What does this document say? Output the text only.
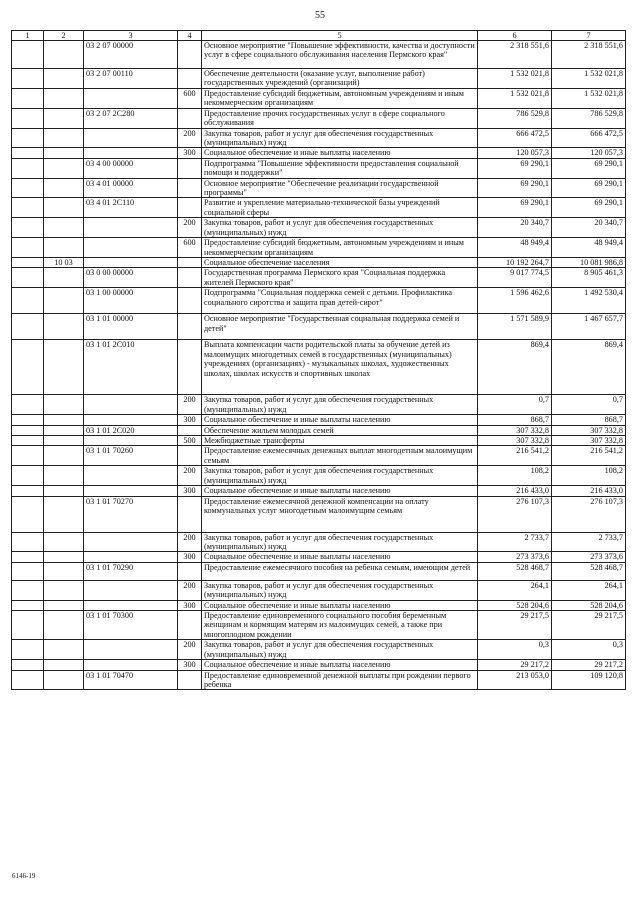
55
1	2	3	4	5	6	7
		03 2 07 00000		Основное мероприятие "Повышение эффективности, качества и доступности услуг в сфере социального обслуживания населения Пермского края"	2 318 551,6	2 318 551,6
		03 2 07 00110		Обеспечение деятельности (оказание услуг, выполнение работ) государственных учреждений (организаций)	1 532 021,8	1 532 021,8
			600	Предоставление субсидий бюджетным, автономным учреждениям и иным некоммерческим организациям	1 532 021,8	1 532 021,8
		03 2 07 2С280		Предоставление прочих государственных услуг в сфере социального обслуживания	786 529,8	786 529,8
			200	Закупка товаров, работ и услуг для обеспечения государственных (муниципальных) нужд	666 472,5	666 472,5
			300	Социальное обеспечение и иные выплаты населению	120 057,3	120 057,3
		03 4 00 00000		Подпрограмма "Повышение эффективности предоставления социальной помощи и поддержки"	69 290,1	69 290,1
		03 4 01 00000		Основное мероприятие "Обеспечение реализации государственной программы"	69 290,1	69 290,1
		03 4 01 2С110		Развитие и укрепление материально-технической базы учреждений социальной сферы	69 290,1	69 290,1
			200	Закупка товаров, работ и услуг для обеспечения государственных (муниципальных) нужд	20 340,7	20 340,7
			600	Предоставление субсидий бюджетным, автономным учреждениям и иным некоммерческим организациям	48 949,4	48 949,4
	10 03			Социальное обеспечение населения	10 192 264,7	10 081 986,8
		03 0 00 00000		Государственная программа Пермского края "Социальная поддержка жителей Пермского края"	9 017 774,5	8 905 461,3
		03 1 00 00000		Подпрограмма "Социальная поддержка семей с детьми. Профилактика социального сиротства и защита прав детей-сирот"	1 596 462,6	1 492 530,4
		03 1 01 00000		Основное мероприятие "Государственная социальная поддержка семей и детей"	1 571 589,9	1 467 657,7
		03 1 01 2С010		Выплата компенсации части родительской платы за обучение детей из малоимущих многодетных семей в государственных (муниципальных) учреждениях (организациях) - музыкальных школах, художественных школах, школах искусств и спортивных школах	869,4	869,4
			200	Закупка товаров, работ и услуг для обеспечения государственных (муниципальных) нужд	0,7	0,7
			300	Социальное обеспечение и иные выплаты населению	868,7	868,7
		03 1 01 2С020		Обеспечение жильем молодых семей	307 332,8	307 332,8
			500	Межбюджетные трансферты	307 332,8	307 332,8
		03 1 01 70260		Предоставление ежемесячных денежных выплат многодетным малоимущим семьям	216 541,2	216 541,2
			200	Закупка товаров, работ и услуг для обеспечения государственных (муниципальных) нужд	108,2	108,2
			300	Социальное обеспечение и иные выплаты населению	216 433,0	216 433,0
		03 1 01 70270		Предоставление ежемесячной денежной компенсации на оплату коммунальных услуг многодетным малоимущим семьям	276 107,3	276 107,3
			200	Закупка товаров, работ и услуг для обеспечения государственных (муниципальных) нужд	2 733,7	2 733,7
			300	Социальное обеспечение и иные выплаты населению	273 373,6	273 373,6
		03 1 01 70290		Предоставление ежемесячного пособия на ребенка семьям, имеющим детей	528 468,7	528 468,7
			200	Закупка товаров, работ и услуг для обеспечения государственных (муниципальных) нужд	264,1	264,1
			300	Социальное обеспечение и иные выплаты населению	528 204,6	528 204,6
		03 1 01 70300		Предоставление единовременного социального пособия беременным женщинам и кормящим матерям из малоимущих семей, а также при многоплодном рождении	29 217,5	29 217,5
			200	Закупка товаров, работ и услуг для обеспечения государственных (муниципальных) нужд	0,3	0,3
			300	Социальное обеспечение и иные выплаты населению	29 217,2	29 217,2
		03 1 01 70470		Предоставление единовременной денежной выплаты при рождении первого ребенка	213 053,0	109 120,8
6146-19
